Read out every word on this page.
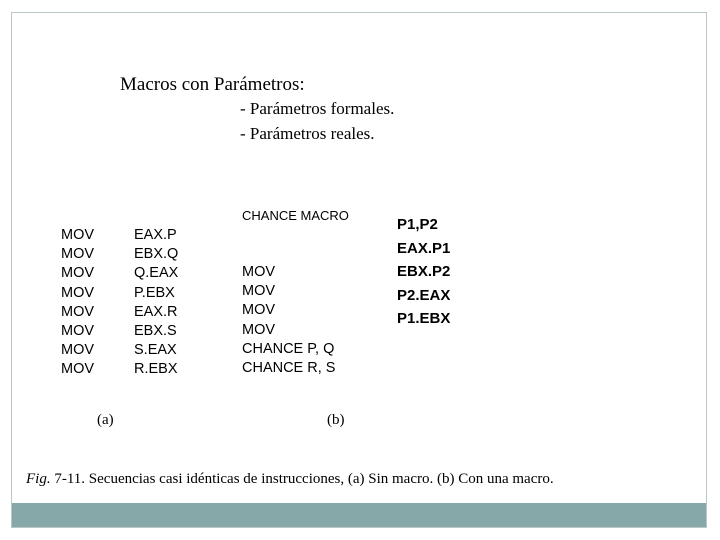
Macros con Parámetros:
- Parámetros formales.
- Parámetros reales.
MOV
MOV
MOV
MOV
MOV
MOV
MOV
MOV
EAX.P
EBX.Q
Q.EAX
P.EBX
EAX.R
EBX.S
S.EAX
R.EBX
(a)
CHANCE MACRO
MOV
MOV
MOV
MOV
CHANCE P, Q
CHANCE R, S
P1,P2
EAX.P1
EBX.P2
P2.EAX
P1.EBX
(b)
Fig. 7-11. Secuencias casi idénticas de instrucciones, (a) Sin macro. (b) Con una macro.
